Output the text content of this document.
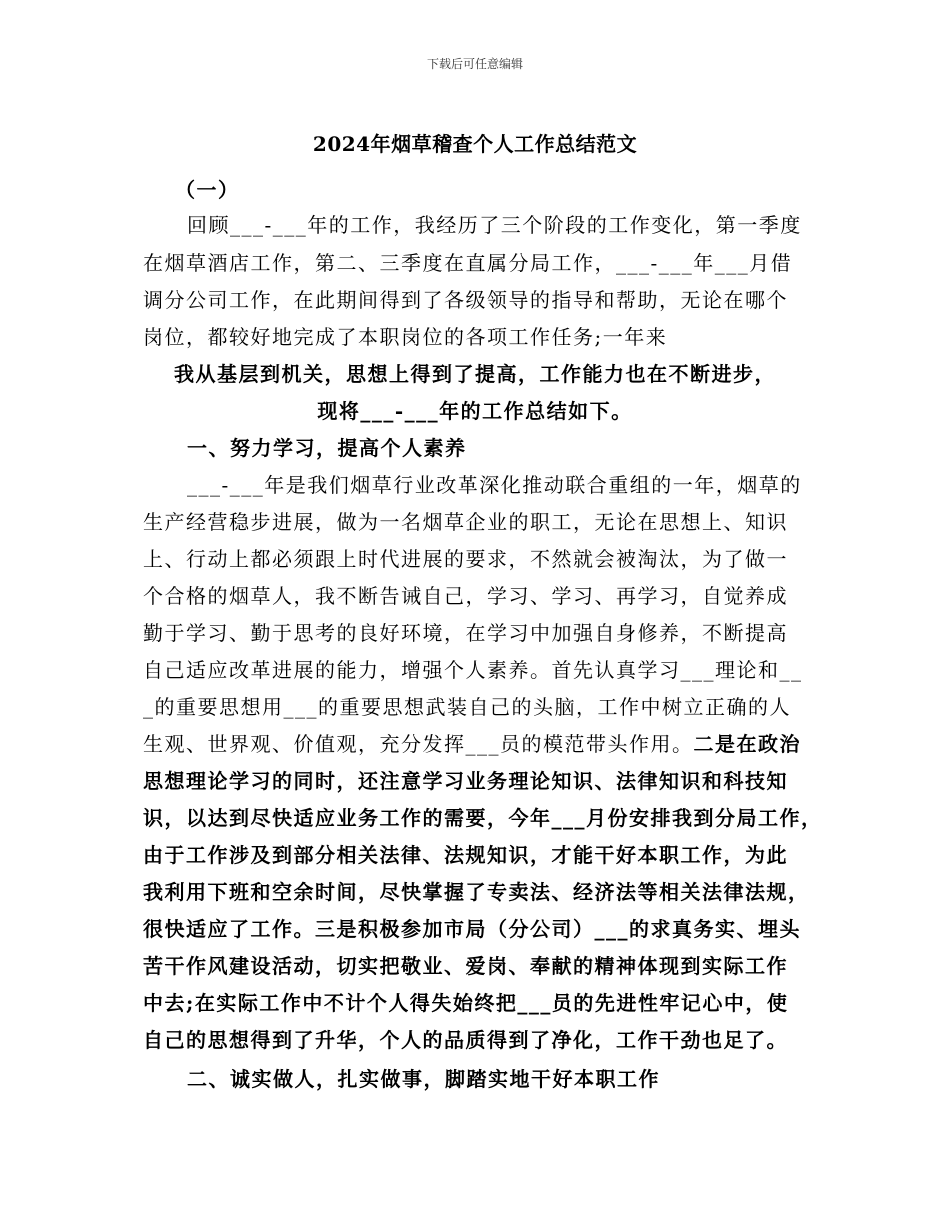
下载后可任意编辑
2024年烟草稽查个人工作总结范文
（一）
回顾___-___年的工作，我经历了三个阶段的工作变化，第一季度
在烟草酒店工作，第二、三季度在直属分局工作，___-___年___月借
调分公司工作，在此期间得到了各级领导的指导和帮助，无论在哪个
岗位，都较好地完成了本职岗位的各项工作任务;一年来
我从基层到机关，思想上得到了提高，工作能力也在不断进步，
现将___-___年的工作总结如下。
一、努力学习，提高个人素养
___-___年是我们烟草行业改革深化推动联合重组的一年，烟草的
生产经营稳步进展，做为一名烟草企业的职工，无论在思想上、知识
上、行动上都必须跟上时代进展的要求，不然就会被淘汰，为了做一
个合格的烟草人，我不断告诫自己，学习、学习、再学习，自觉养成
勤于学习、勤于思考的良好环境，在学习中加强自身修养，不断提高
自己适应改革进展的能力，增强个人素养。首先认真学习___理论和__
_的重要思想用___的重要思想武装自己的头脑，工作中树立正确的人
生观、世界观、价值观，充分发挥___员的模范带头作用。二是在政治
思想理论学习的同时，还注意学习业务理论知识、法律知识和科技知
识，以达到尽快适应业务工作的需要，今年___月份安排我到分局工作，
由于工作涉及到部分相关法律、法规知识，才能干好本职工作，为此
我利用下班和空余时间，尽快掌握了专卖法、经济法等相关法律法规，
很快适应了工作。三是积极参加市局（分公司）___的求真务实、埋头
苦干作风建设活动，切实把敬业、爱岗、奉献的精神体现到实际工作
中去;在实际工作中不计个人得失始终把___员的先进性牢记心中，使
自己的思想得到了升华，个人的品质得到了净化，工作干劲也足了。
二、诚实做人，扎实做事，脚踏实地干好本职工作
